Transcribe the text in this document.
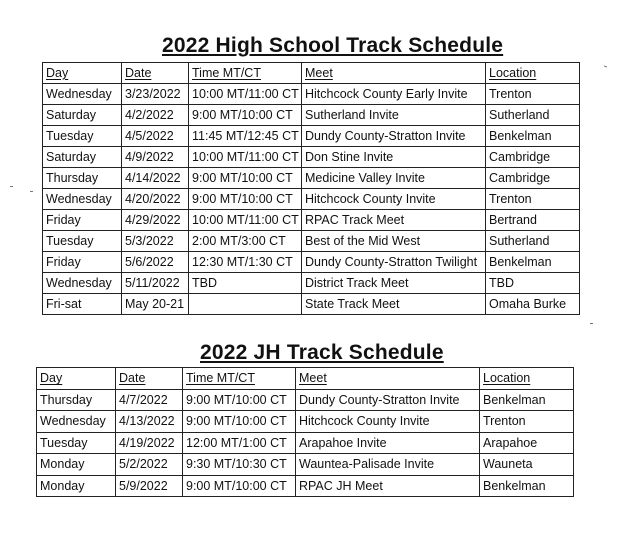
2022 High School Track Schedule
Day	Date	Time MT/CT	Meet	Location
Wednesday	3/23/2022	10:00 MT/11:00 CT	Hitchcock County Early Invite	Trenton
Saturday	4/2/2022	9:00 MT/10:00 CT	Sutherland Invite	Sutherland
Tuesday	4/5/2022	11:45 MT/12:45 CT	Dundy County-Stratton Invite	Benkelman
Saturday	4/9/2022	10:00 MT/11:00 CT	Don Stine Invite	Cambridge
Thursday	4/14/2022	9:00 MT/10:00 CT	Medicine Valley Invite	Cambridge
Wednesday	4/20/2022	9:00 MT/10:00 CT	Hitchcock County Invite	Trenton
Friday	4/29/2022	10:00 MT/11:00 CT	RPAC Track Meet	Bertrand
Tuesday	5/3/2022	2:00 MT/3:00 CT	Best of the Mid West	Sutherland
Friday	5/6/2022	12:30 MT/1:30 CT	Dundy County-Stratton Twilight	Benkelman
Wednesday	5/11/2022	TBD	District Track Meet	TBD
Fri-sat	May 20-21		State Track Meet	Omaha Burke
2022 JH Track Schedule
Day	Date	Time MT/CT	Meet	Location
Thursday	4/7/2022	9:00 MT/10:00 CT	Dundy County-Stratton Invite	Benkelman
Wednesday	4/13/2022	9:00 MT/10:00 CT	Hitchcock County Invite	Trenton
Tuesday	4/19/2022	12:00 MT/1:00 CT	Arapahoe Invite	Arapahoe
Monday	5/2/2022	9:30 MT/10:30 CT	Wauntea-Palisade Invite	Wauneta
Monday	5/9/2022	9:00 MT/10:00 CT	RPAC JH Meet	Benkelman
